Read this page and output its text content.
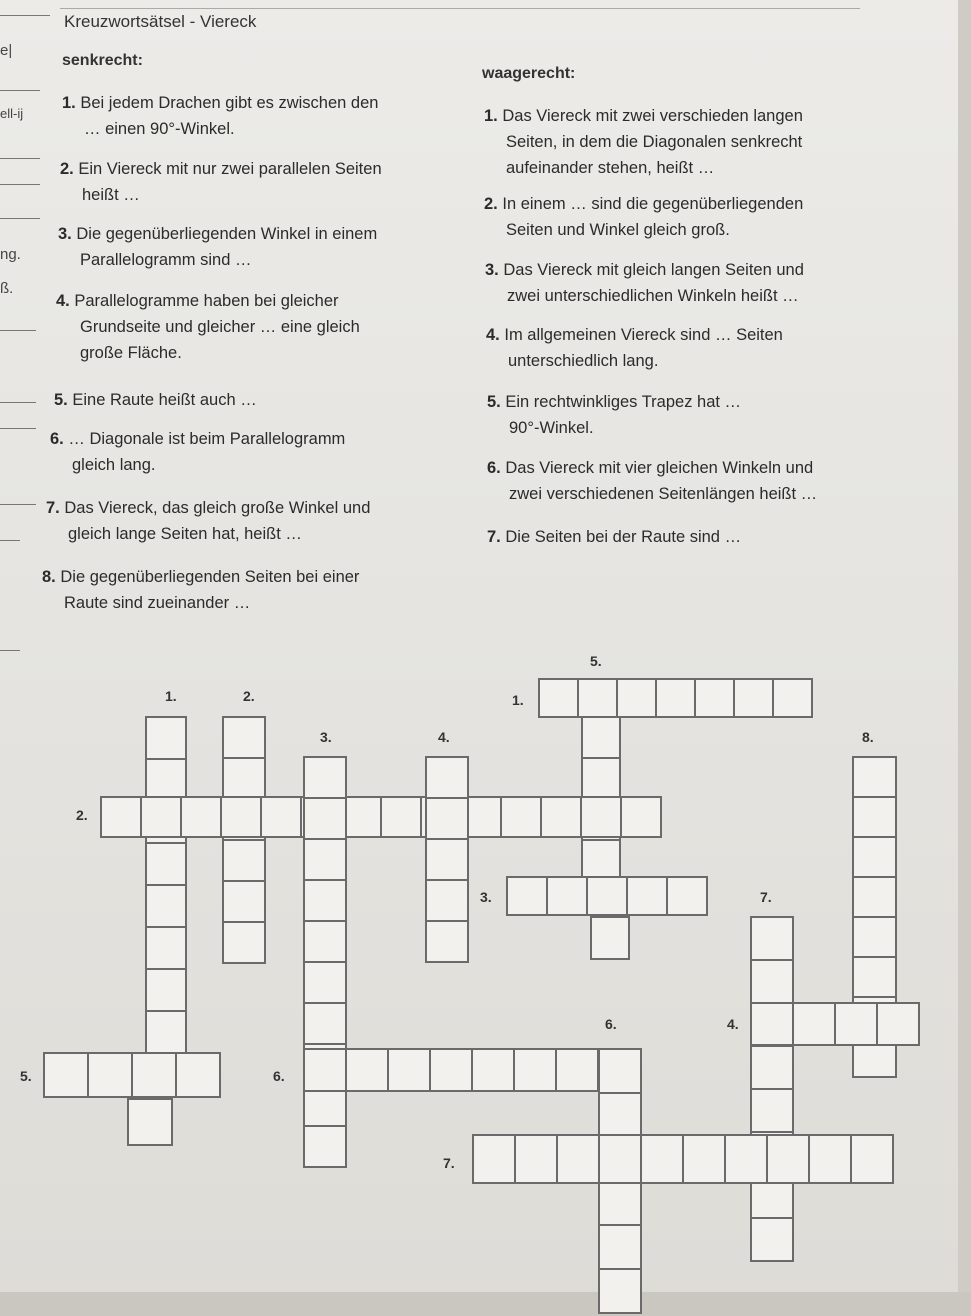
e|
ell-ij
ng.
ß.
Kreuzwortsätsel - Viereck
senkrecht:
1. Bei jedem Drachen gibt es zwischen den
… einen 90°-Winkel.
2. Ein Viereck mit nur zwei parallelen Seiten
heißt …
3. Die gegenüberliegenden Winkel in einem
Parallelogramm sind …
4. Parallelogramme haben bei gleicher
Grundseite und gleicher … eine gleich
große Fläche.
5. Eine Raute heißt auch …
6. … Diagonale ist beim Parallelogramm
gleich lang.
7. Das Viereck, das gleich große Winkel und
gleich lange Seiten hat, heißt …
8. Die gegenüberliegenden Seiten bei einer
Raute sind zueinander …
waagerecht:
1. Das Viereck mit zwei verschieden langen
Seiten, in dem die Diagonalen senkrecht
aufeinander stehen, heißt …
2. In einem … sind die gegenüberliegenden
Seiten und Winkel gleich groß.
3. Das Viereck mit gleich langen Seiten und
zwei unterschiedlichen Winkeln heißt …
4. Im allgemeinen Viereck sind … Seiten
unterschiedlich lang.
5. Ein rechtwinkliges Trapez hat …
90°-Winkel.
6. Das Viereck mit vier gleichen Winkeln und
zwei verschiedenen Seitenlängen heißt …
7. Die Seiten bei der Raute sind …
1.	2.
3.	4.
5.
6.
7.
8.
1.
2.
3.
4.
5.	6.
7.
